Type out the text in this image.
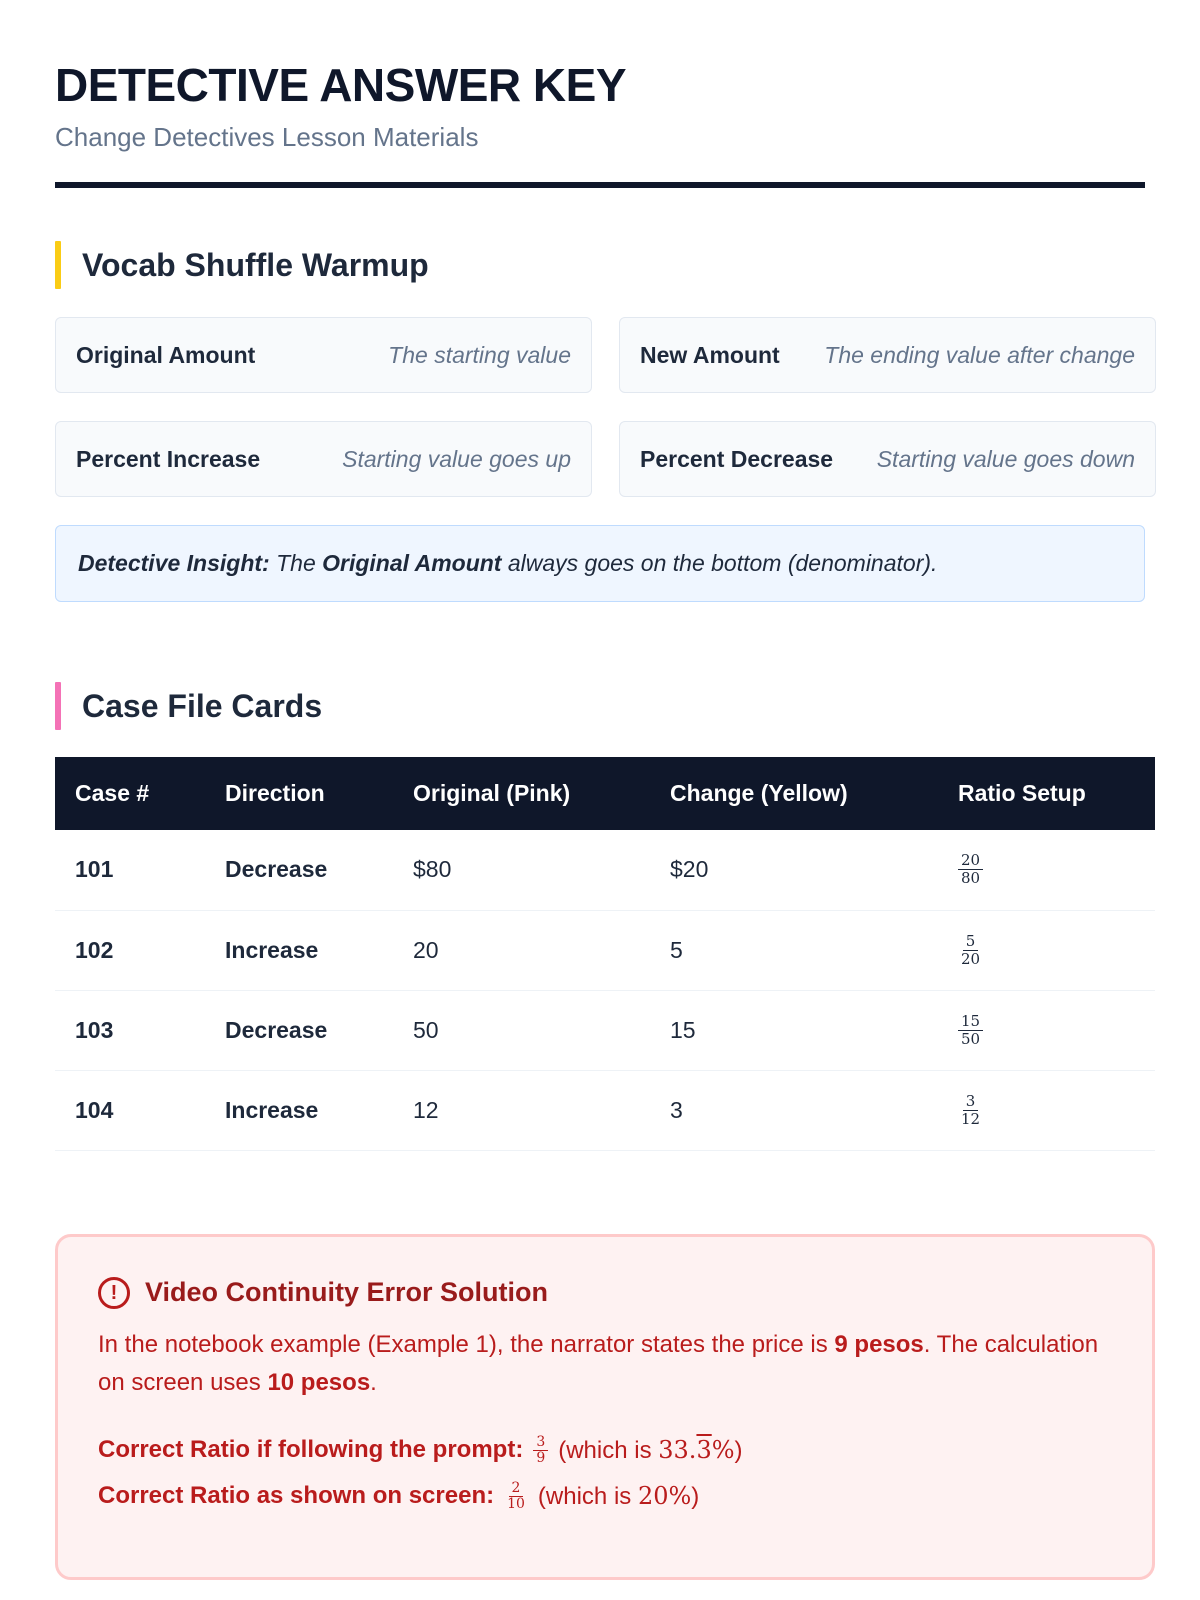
DETECTIVE ANSWER KEY
Change Detectives Lesson Materials
Vocab Shuffle Warmup
Original Amount	The starting value	New Amount The ending value after change
Percent Increase	Starting value goes up	Percent Decrease Starting value goes down
Detective Insight: The Original Amount always goes on the bottom (denominator).
Case File Cards
Case #	Direction	Original (Pink)	Change (Yellow)	Ratio Setup
101	Decrease	$80	$20	$\frac{20}{80}$

102	Increase	20	5	$\frac{5}{20}$

103	Decrease	50	15	$\frac{15}{50}$

104	Increase	12	3	$\frac{3}{12}$
!	Video Continuity Error Solution

In the notebook example (Example 1), the narrator states the price is 9 pesos. The calculation on screen uses 10 pesos.

Correct Ratio if following the prompt: $\frac{3}{9}$ (which is 33.3%)
Correct Ratio as shown on screen: $\frac{2}{10}$ (which is 20%)
